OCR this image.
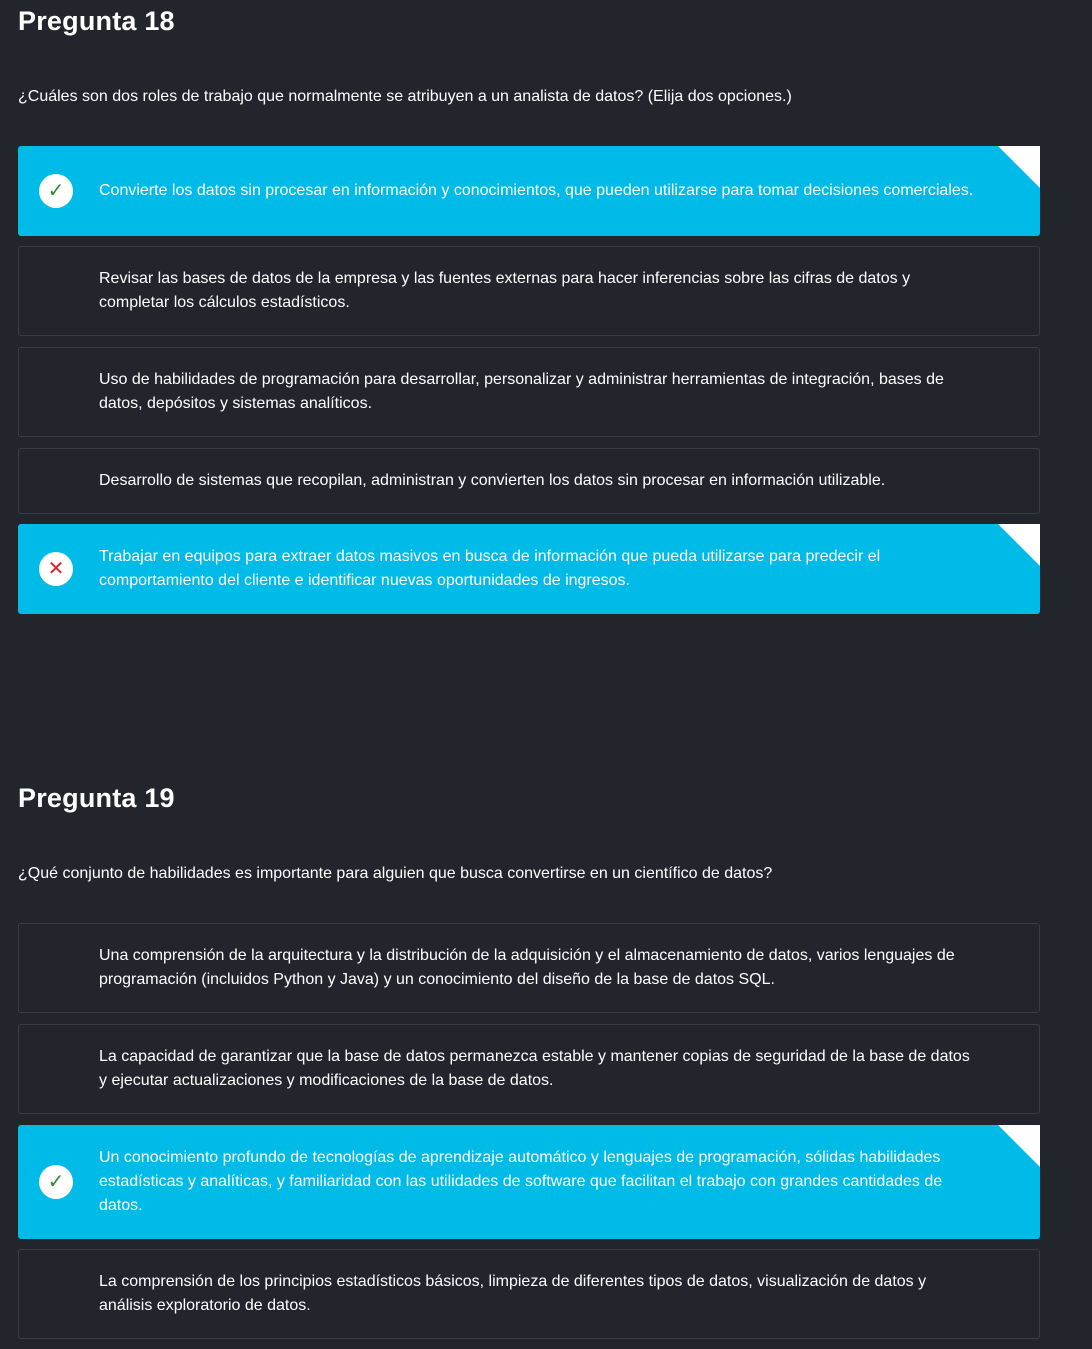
Pregunta 18
¿Cuáles son dos roles de trabajo que normalmente se atribuyen a un analista de datos? (Elija dos opciones.)
✓	Convierte los datos sin procesar en información y conocimientos, que pueden utilizarse para tomar decisiones comerciales.
Revisar las bases de datos de la empresa y las fuentes externas para hacer inferencias sobre las cifras de datos y completar los cálculos estadísticos.
Uso de habilidades de programación para desarrollar, personalizar y administrar herramientas de integración, bases de datos, depósitos y sistemas analíticos.
Desarrollo de sistemas que recopilan, administran y convierten los datos sin procesar en información utilizable.
✕
Trabajar en equipos para extraer datos masivos en busca de información que pueda utilizarse para predecir el comportamiento del cliente e identificar nuevas oportunidades de ingresos.
Pregunta 19
¿Qué conjunto de habilidades es importante para alguien que busca convertirse en un científico de datos?
Una comprensión de la arquitectura y la distribución de la adquisición y el almacenamiento de datos, varios lenguajes de programación (incluidos Python y Java) y un conocimiento del diseño de la base de datos SQL.
La capacidad de garantizar que la base de datos permanezca estable y mantener copias de seguridad de la base de datos y ejecutar actualizaciones y modificaciones de la base de datos.
✓
Un conocimiento profundo de tecnologías de aprendizaje automático y lenguajes de programación, sólidas habilidades estadísticas y analíticas, y familiaridad con las utilidades de software que facilitan el trabajo con grandes cantidades de datos.
La comprensión de los principios estadísticos básicos, limpieza de diferentes tipos de datos, visualización de datos y análisis exploratorio de datos.
